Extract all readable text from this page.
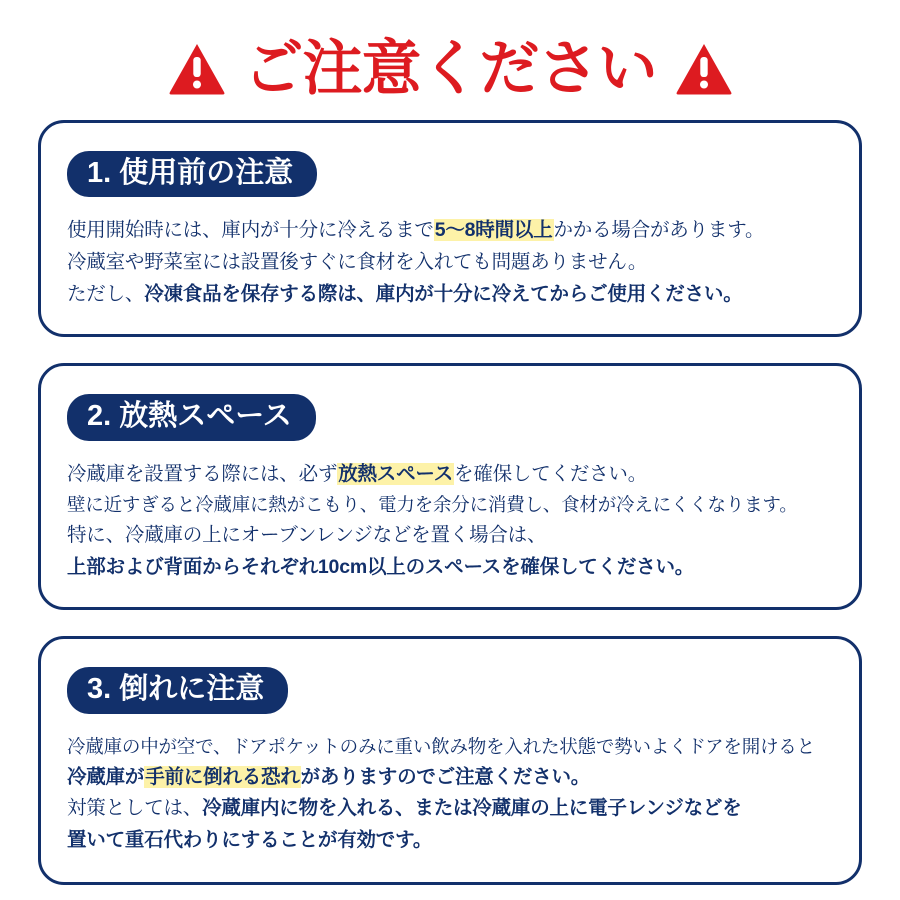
ご注意ください
1. 使用前の注意
使用開始時には、庫内が十分に冷えるまで5〜8時間以上かかる場合があります。
冷蔵室や野菜室には設置後すぐに食材を入れても問題ありません。
ただし、冷凍食品を保存する際は、庫内が十分に冷えてからご使用ください。
2. 放熱スペース
冷蔵庫を設置する際には、必ず放熱スペースを確保してください。
壁に近すぎると冷蔵庫に熱がこもり、電力を余分に消費し、食材が冷えにくくなります。
特に、冷蔵庫の上にオーブンレンジなどを置く場合は、
上部および背面からそれぞれ10cm以上のスペースを確保してください。
3. 倒れに注意
冷蔵庫の中が空で、ドアポケットのみに重い飲み物を入れた状態で勢いよくドアを開けると
冷蔵庫が手前に倒れる恐れがありますのでご注意ください。
対策としては、冷蔵庫内に物を入れる、または冷蔵庫の上に電子レンジなどを
置いて重石代わりにすることが有効です。
